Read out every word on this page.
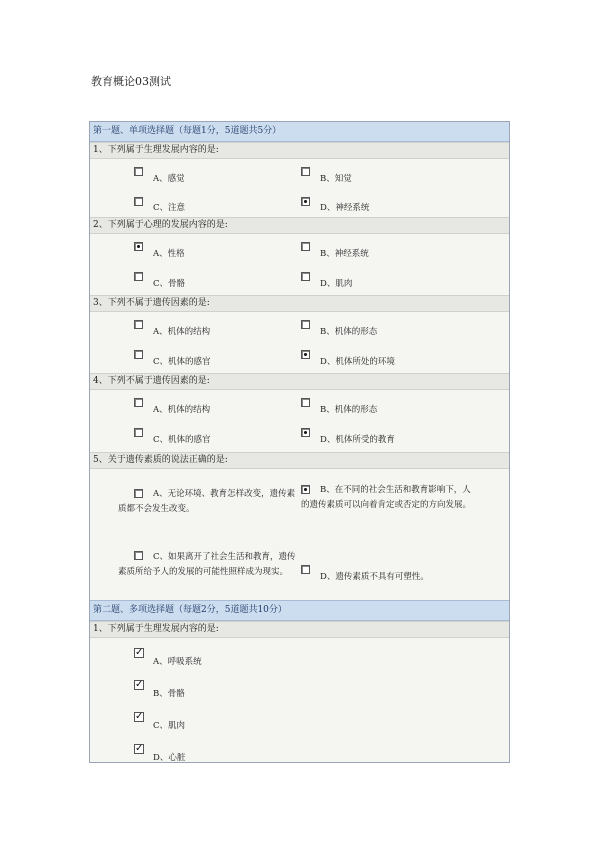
教育概论03测试
第一题、单项选择题（每题1分，5道题共5分）
1、下列属于生理发展内容的是:
A、感觉	B、知觉
C、注意	D、神经系统
2、下列属于心理的发展内容的是:
A、性格	B、神经系统
C、骨骼	D、肌肉
3、下列不属于遗传因素的是:
A、机体的结构	B、机体的形态
C、机体的感官	D、机体所处的环境
4、下列不属于遗传因素的是:
A、机体的结构	B、机体的形态
C、机体的感官	D、机体所受的教育
5、关于遗传素质的说法正确的是:
A、无论环境、教育怎样改变，遗传素质都不会发生改变。
B、在不同的社会生活和教育影响下，人的遗传素质可以向着肯定或否定的方向发展。
C、如果离开了社会生活和教育，遗传素质所给予人的发展的可能性照样成为现实。	D、遗传素质不具有可塑性。
第二题、多项选择题（每题2分，5道题共10分）
1、下列属于生理发展内容的是:
✓
A、呼吸系统
✓
B、骨骼
✓
C、肌肉
✓
D、心脏
